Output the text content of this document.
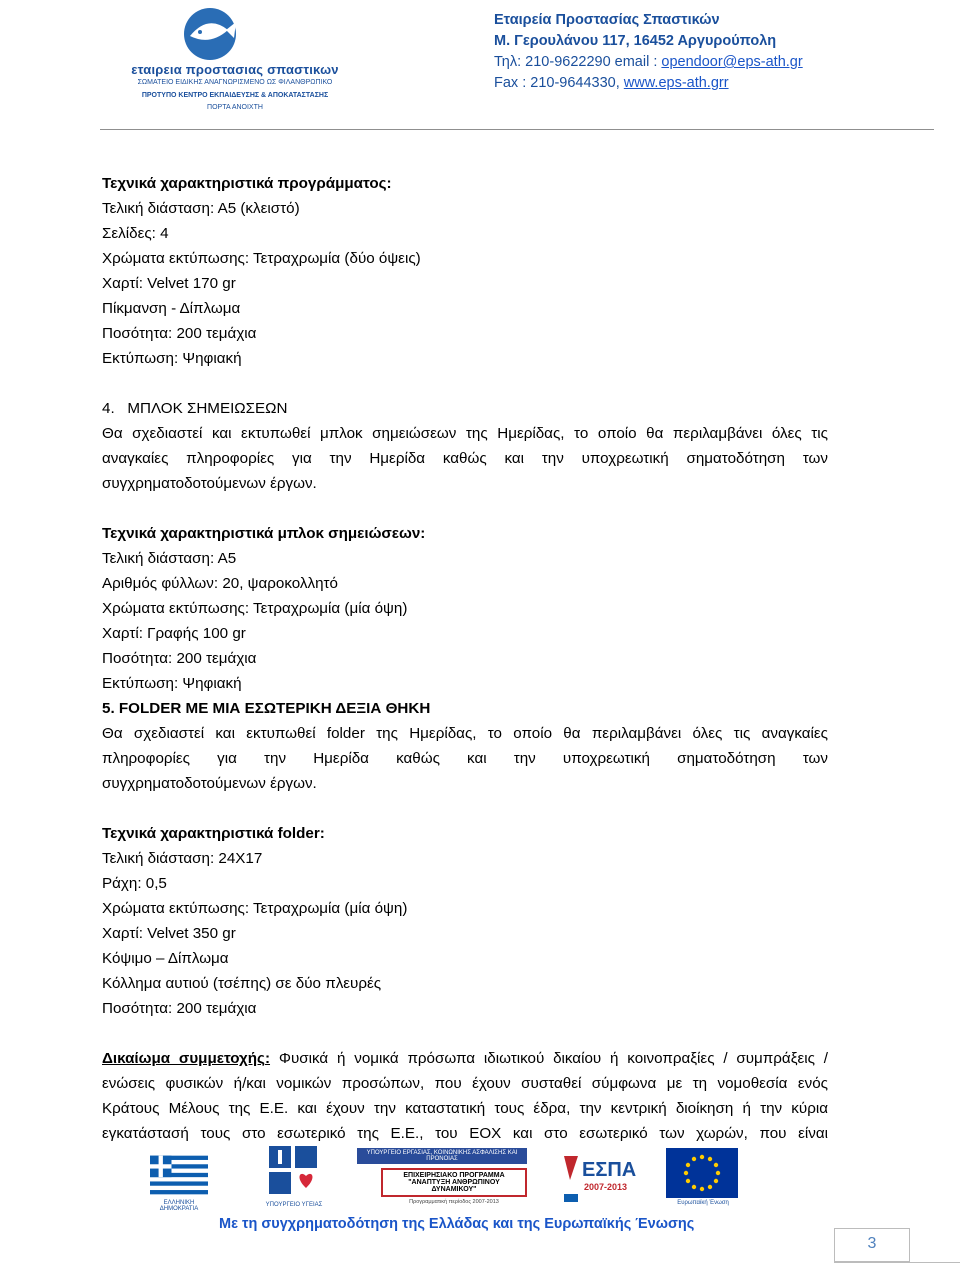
εταιρεια προστασιας σπαστικων
ΣΩΜΑΤΕΙΟ ΕΙΔΙΚΗΣ ΑΝΑΓΝΩΡΙΣΜΕΝΟ ΩΣ ΦΙΛΑΝΘΡΩΠΙΚΟ
ΠΡΟΤΥΠΟ ΚΕΝΤΡΟ ΕΚΠΑΙΔΕΥΣΗΣ & ΑΠΟΚΑΤΑΣΤΑΣΗΣ
ΠΟΡΤΑ ΑΝΟΙΧΤΗ
Εταιρεία Προστασίας Σπαστικών
Μ. Γερουλάνου 117, 16452 Αργυρούπολη
Τηλ: 210-9622290 email : opendoor@eps-ath.gr
Fax : 210-9644330, www.eps-ath.grr
Τεχνικά χαρακτηριστικά προγράμματος:
Τελική διάσταση: Α5 (κλειστό)
Σελίδες: 4
Χρώματα εκτύπωσης: Τετραχρωμία (δύο όψεις)
Χαρτί: Velvet 170 gr
Πίκμανση - Δίπλωμα
Ποσότητα: 200 τεμάχια
Εκτύπωση: Ψηφιακή
4. ΜΠΛΟΚ ΣΗΜΕΙΩΣΕΩΝ
Θα σχεδιαστεί και εκτυπωθεί μπλοκ σημειώσεων της Ημερίδας, το οποίο θα περιλαμβάνει όλες τις
αναγκαίες πληροφορίες για την Ημερίδα καθώς και την υποχρεωτική σηματοδότηση των
συγχρηματοδοτούμενων έργων.
Τεχνικά χαρακτηριστικά μπλοκ σημειώσεων:
Τελική διάσταση: Α5
Αριθμός φύλλων: 20, ψαροκολλητό
Χρώματα εκτύπωσης: Τετραχρωμία (μία όψη)
Χαρτί: Γραφής 100 gr
Ποσότητα: 200 τεμάχια
Εκτύπωση: Ψηφιακή
5. FOLDER ΜΕ ΜΙΑ ΕΣΩΤΕΡΙΚΗ ΔΕΞΙΑ ΘΗΚΗ
Θα σχεδιαστεί και εκτυπωθεί folder της Ημερίδας, το οποίο θα περιλαμβάνει όλες τις αναγκαίες
πληροφορίες για την Ημερίδα καθώς και την υποχρεωτική σηματοδότηση των
συγχρηματοδοτούμενων έργων.
Τεχνικά χαρακτηριστικά folder:
Τελική διάσταση: 24Χ17
Ράχη: 0,5
Χρώματα εκτύπωσης: Τετραχρωμία (μία όψη)
Χαρτί: Velvet 350 gr
Κόψιμο – Δίπλωμα
Κόλλημα αυτιού (τσέπης) σε δύο πλευρές
Ποσότητα: 200 τεμάχια
Δικαίωμα συμμετοχής: Φυσικά ή νομικά πρόσωπα ιδιωτικού δικαίου ή κοινοπραξίες / συμπράξεις /
ενώσεις φυσικών ή/και νομικών προσώπων, που έχουν συσταθεί σύμφωνα με τη νομοθεσία ενός
Κράτους Μέλους της Ε.Ε. και έχουν την καταστατική τους έδρα, την κεντρική διοίκηση ή την κύρια
εγκατάστασή τους στο εσωτερικό της Ε.Ε., του ΕΟΧ και στο εσωτερικό των χωρών, που είναι
ΕΛΛΗΝΙΚΗ ΔΗΜΟΚΡΑΤΙΑ
ΥΠΟΥΡΓΕΙΟ ΥΓΕΙΑΣ
ΥΠΟΥΡΓΕΙΟ ΕΡΓΑΣΙΑΣ, ΚΟΙΝΩΝΙΚΗΣ ΑΣΦΑΛΙΣΗΣ ΚΑΙ ΠΡΟΝΟΙΑΣ
ΕΠΙΧΕΙΡΗΣΙΑΚΟ ΠΡΟΓΡΑΜΜΑ "ΑΝΑΠΤΥΞΗ ΑΝΘΡΩΠΙΝΟΥ ΔΥΝΑΜΙΚΟΥ"
Προγραμματική περίοδος 2007-2013
ΕΣΠΑ
2007-2013
Ευρωπαϊκή Ένωση
Με τη συγχρηματοδότηση της Ελλάδας και της Ευρωπαϊκής Ένωσης
3
